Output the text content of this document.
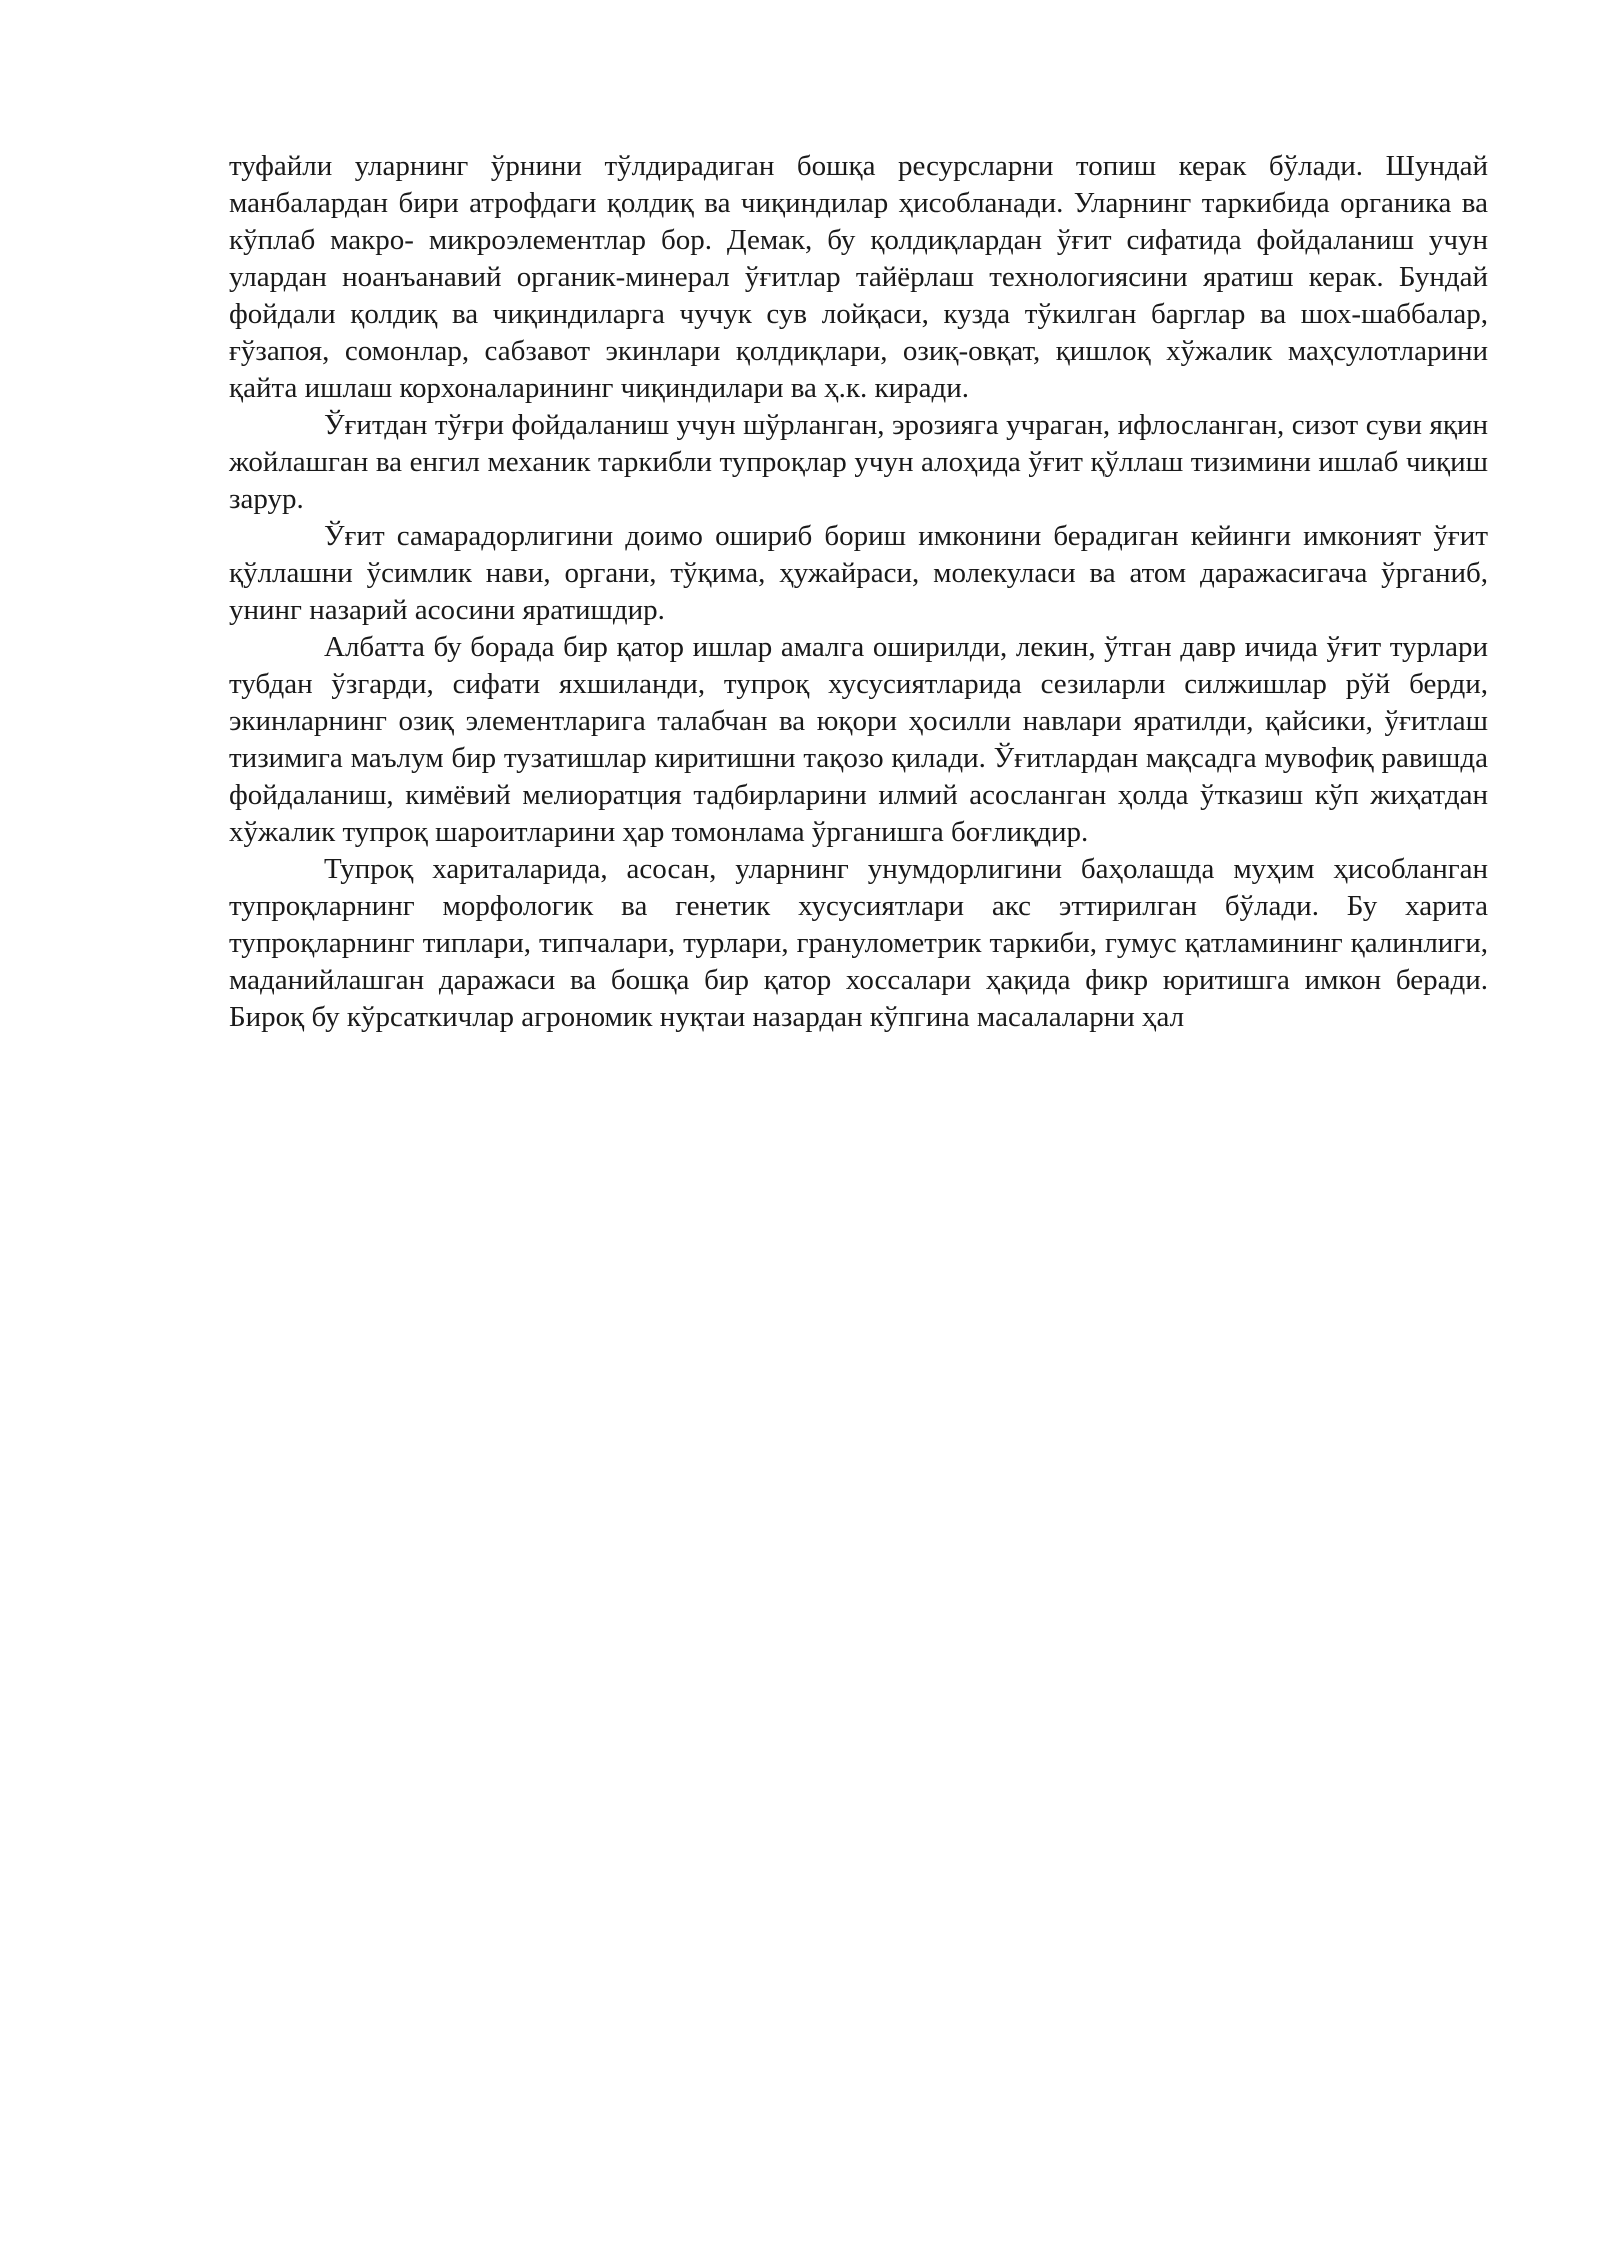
туфайли уларнинг ўрнини тўлдирадиган бошқа ресурсларни топиш керак бўлади. Шундай манбалардан бири атрофдаги қолдиқ ва чиқиндилар ҳисобланади. Уларнинг таркибида органика ва кўплаб макро- микроэлементлар бор. Демак, бу қолдиқлардан ўғит сифатида фойдаланиш учун улардан ноанъанавий органик-минерал ўғитлар тайёрлаш технологиясини яратиш керак. Бундай фойдали қолдиқ ва чиқиндиларга чучук сув лойқаси, кузда тўкилган барглар ва шох-шаббалар, ғўзапоя, сомонлар, сабзавот экинлари қолдиқлари, озиқ-овқат, қишлоқ хўжалик маҳсулотларини қайта ишлаш корхоналарининг чиқиндилари ва ҳ.к. киради.

Ўғитдан тўғри фойдаланиш учун шўрланган, эрозияга учраган, ифлосланган, сизот суви яқин жойлашган ва енгил механик таркибли тупроқлар учун алоҳида ўғит қўллаш тизимини ишлаб чиқиш зарур.

Ўғит самарадорлигини доимо ошириб бориш имконини берадиган кейинги имконият ўғит қўллашни ўсимлик нави, органи, тўқима, ҳужайраси, молекуласи ва атом даражасигача ўрганиб, унинг назарий асосини яратишдир.

Албатта бу борада бир қатор ишлар амалга оширилди, лекин, ўтган давр ичида ўғит турлари тубдан ўзгарди, сифати яхшиланди, тупроқ хусусиятларида сезиларли силжишлар рўй берди, экинларнинг озиқ элементларига талабчан ва юқори ҳосилли навлари яратилди, қайсики, ўғитлаш тизимига маълум бир тузатишлар киритишни тақозо қилади. Ўғитлардан мақсадга мувофиқ равишда фойдаланиш, кимёвий мелиоратция тадбирларини илмий асосланган ҳолда ўтказиш кўп жиҳатдан хўжалик тупроқ шароитларини ҳар томонлама ўрганишга боғлиқдир.

Тупроқ хариталарида, асосан, уларнинг унумдорлигини баҳолашда муҳим ҳисобланган тупроқларнинг морфологик ва генетик хусусиятлари акс эттирилган бўлади. Бу харита тупроқларнинг типлари, типчалари, турлари, гранулометрик таркиби, гумус қатламининг қалинлиги, маданийлашган даражаси ва бошқа бир қатор хоссалари ҳақида фикр юритишга имкон беради. Бироқ бу кўрсаткичлар агрономик нуқтаи назардан кўпгина масалаларни ҳал
